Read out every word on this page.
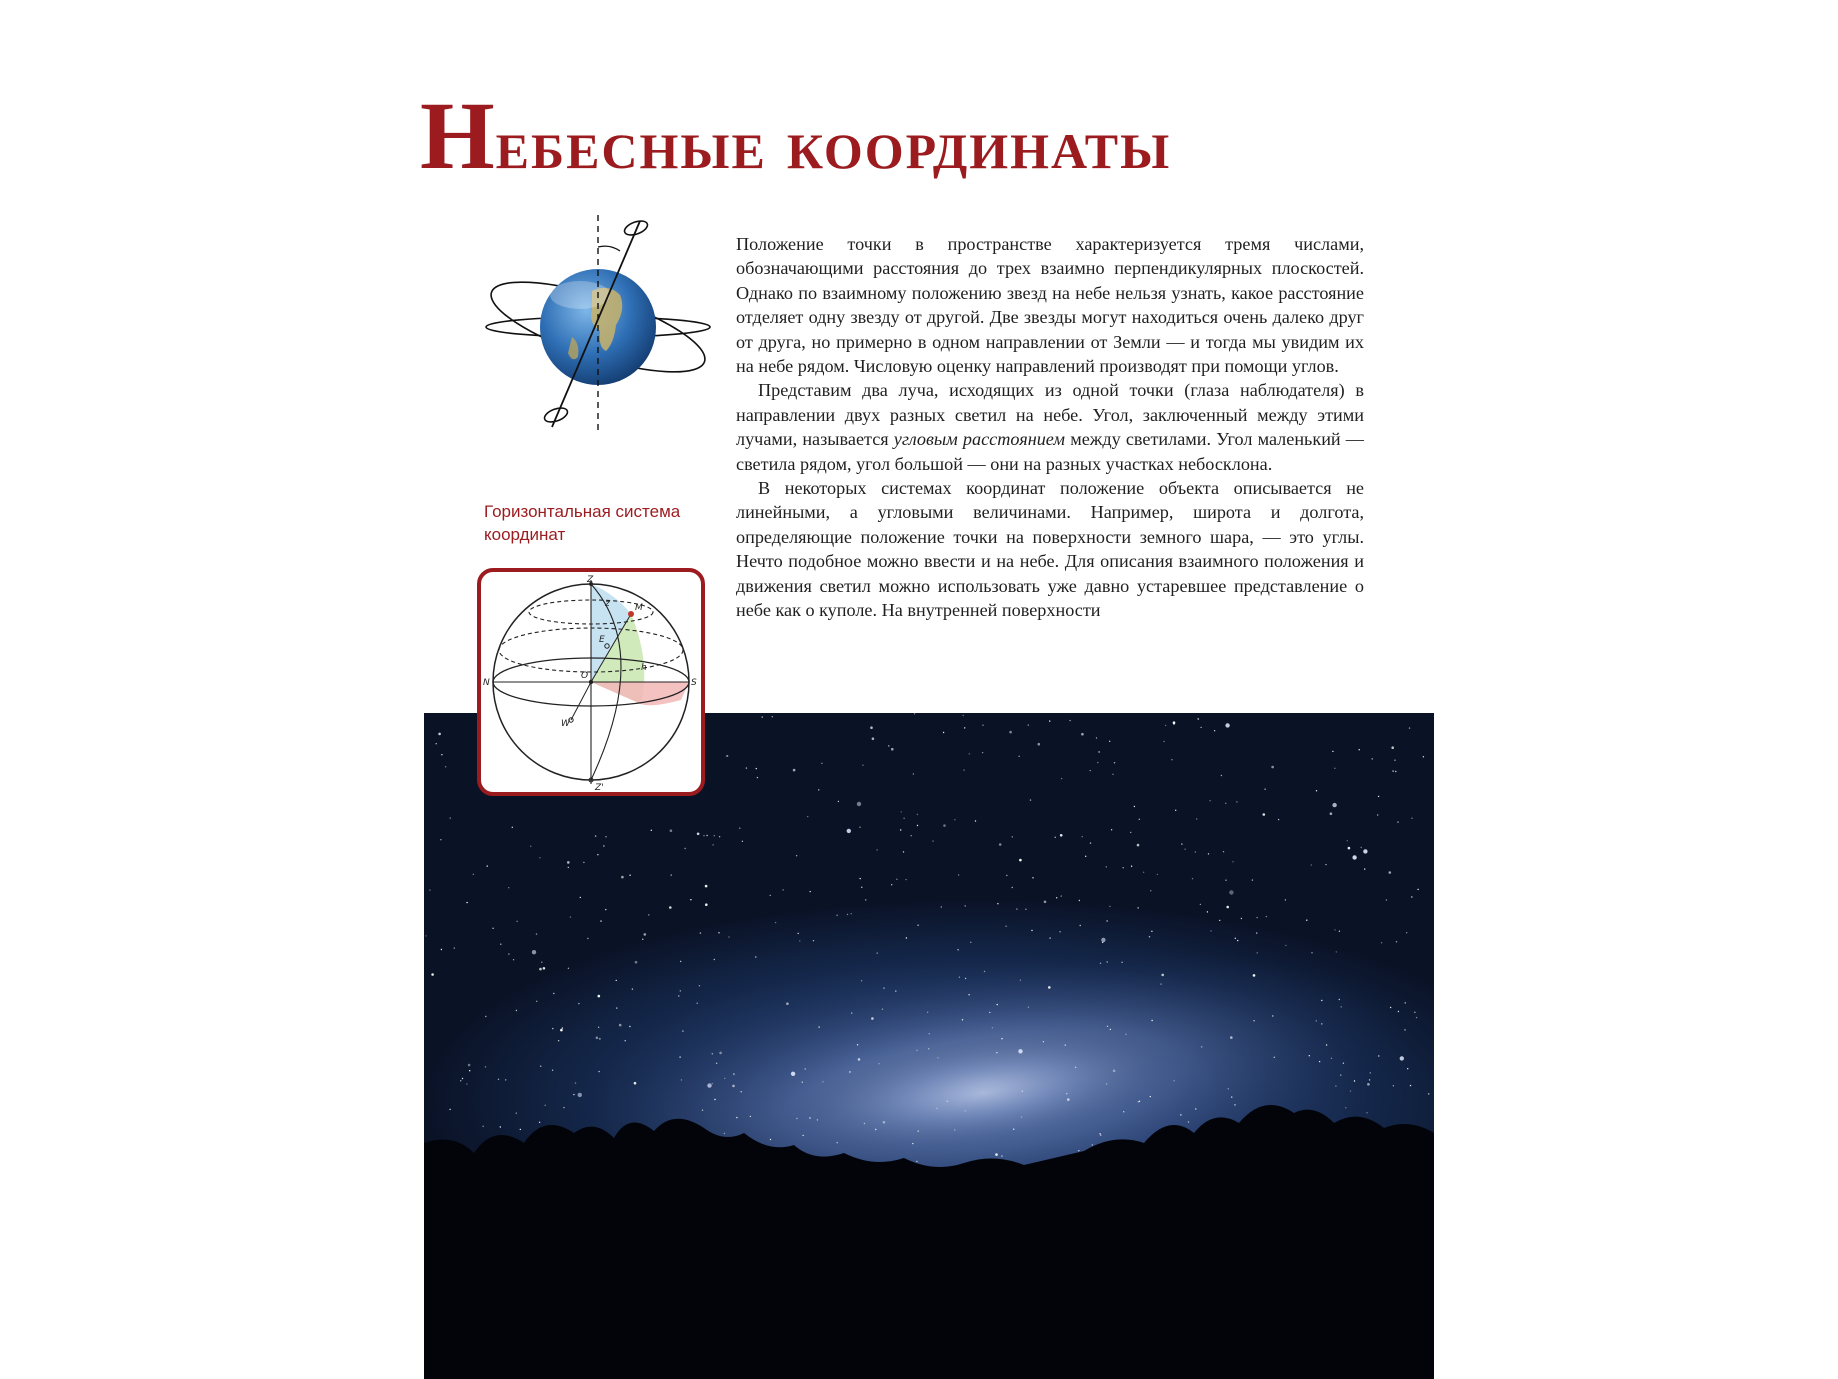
Небесные координаты

Горизонтальная система
координат

Z
Z'
N	S
W
O
E
M
z
h

Положение точки в пространстве характеризуется тремя числами, обозначающими расстояния до трех взаимно перпендикулярных плоскостей. Однако по взаимному положению звезд на небе нельзя узнать, какое расстояние отделяет одну звезду от другой. Две звезды могут находиться очень далеко друг от друга, но примерно в одном направлении от Земли — и тогда мы увидим их на небе рядом. Числовую оценку направлений производят при помощи углов.

Представим два луча, исходящих из одной точки (глаза наблюдателя) в направлении двух разных светил на небе. Угол, заключенный между этими лучами, называется угловым расстоянием между светилами. Угол маленький — светила рядом, угол большой — они на разных участках небосклона.

В некоторых системах координат положение объекта описывается не линейными, а угловыми величинами. Например, широта и долгота, определяющие положение точки на поверхности земного шара, — это углы. Нечто подобное можно ввести и на небе. Для описания взаимного положения и движения светил можно использовать уже давно устаревшее представление о небе как о куполе. На внутренней поверхности
